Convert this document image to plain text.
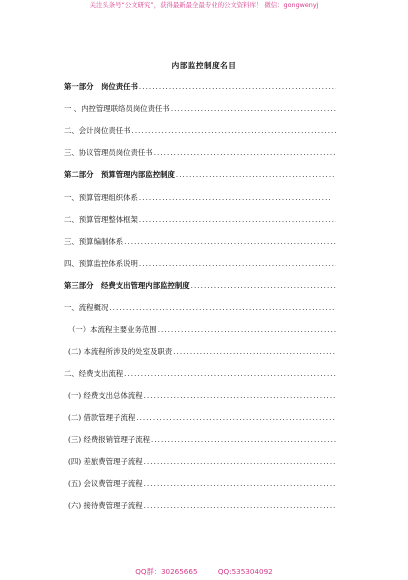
关注头条号“公文研究”，获得最新最全最专业的公文资料库！ 微信：gongwenyj
内部监控制度名目
第一部分　岗位责任书
.....
一 、内控管理联络员岗位责任书
.....
二、会计岗位责任书
.....
三、协议管理员岗位责任书
.....
第二部分　预算管理内部监控制度
.....
一、预算管理组织体系
.....
二、预算管理整体框架
.....
三、预算编制体系
.....
四、预算监控体系说明
.....
第三部分　经费支出管理内部监控制度
.....
一、流程概况
.....
（一）本流程主要业务范围
.....
(二) 本流程所涉及的处室及职责
.....
二、经费支出流程
.....
(一) 经费支出总体流程
.....
(二) 借款管理子流程
.....
(三) 经费报销管理子流程
.....
(四) 差旅费管理子流程
.....
(五) 会议费管理子流程
.....
(六) 接待费管理子流程
.....
QQ群：30265665	QQ:535304092
